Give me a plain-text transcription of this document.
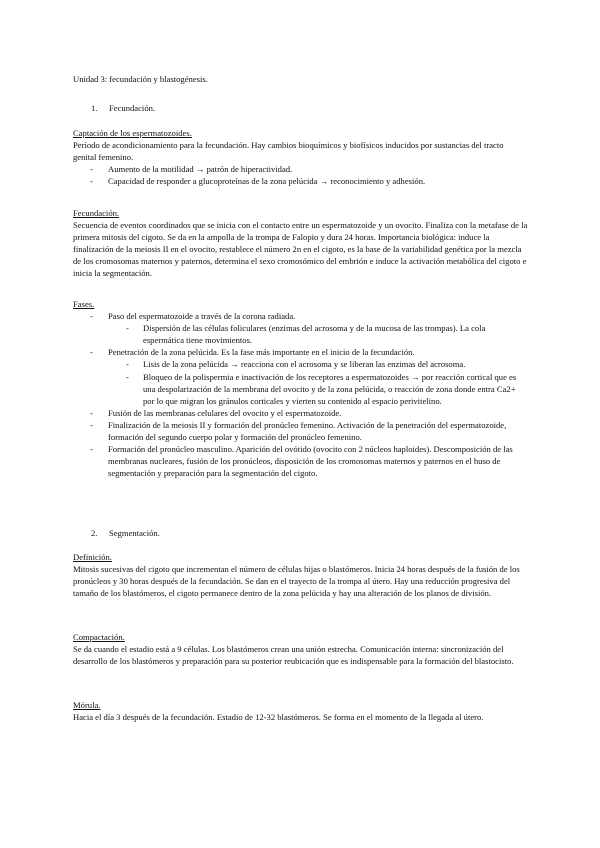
Unidad 3: fecundación y blastogénesis.
1. Fecundación.
Captación de los espermatozoides.
Período de acondicionamiento para la fecundación. Hay cambios bioquímicos y biofísicos inducidos por sustancias del tracto genital femenino.
- Aumento de la motilidad → patrón de hiperactividad.
- Capacidad de responder a glucoproteínas de la zona pelúcida → reconocimiento y adhesión.
Fecundación.
Secuencia de eventos coordinados que se inicia con el contacto entre un espermatozoide y un ovocito. Finaliza con la metafase de la primera mitosis del cigoto. Se da en la ampolla de la trompa de Falopio y dura 24 horas. Importancia biológica: induce la finalización de la meiosis II en el ovocito, restablece el número 2n en el cigoto, es la base de la variabilidad genética por la mezcla de los cromosomas maternos y paternos, determina el sexo cromosómico del embrión e induce la activación metabólica del cigoto e inicia la segmentación.
Fases.
- Paso del espermatozoide a través de la corona radiada.
- Dispersión de las células foliculares (enzimas del acrosoma y de la mucosa de las trompas). La cola espermática tiene movimientos.
- Penetración de la zona pelúcida. Es la fase más importante en el inicio de la fecundación.
- Lisis de la zona pelúcida → reacciona con el acrosoma y se liberan las enzimas del acrosoma.
- Bloqueo de la polispermia e inactivación de los receptores a espermatozoides → por reacción cortical que es una despolarización de la membrana del ovocito y de la zona pelúcida, o reacción de zona donde entra Ca2+ por lo que migran los gránulos corticales y vierten su contenido al espacio perivitelino.
- Fusión de las membranas celulares del ovocito y el espermatozoide.
- Finalización de la meiosis II y formación del pronúcleo femenino. Activación de la penetración del espermatozoide, formación del segundo cuerpo polar y formación del pronúcleo femenino.
- Formación del pronúcleo masculino. Aparición del ovótido (ovocito con 2 núcleos haploides). Descomposición de las membranas nucleares, fusión de los pronúcleos, disposición de los cromosomas maternos y paternos en el huso de segmentación y preparación para la segmentación del cigoto.
2. Segmentación.
Definición.
Mitosis sucesivas del cigoto que incrementan el número de células hijas o blastómeros. Inicia 24 horas después de la fusión de los pronúcleos y 30 horas después de la fecundación. Se dan en el trayecto de la trompa al útero. Hay una reducción progresiva del tamaño de los blastómeros, el cigoto permanece dentro de la zona pelúcida y hay una alteración de los planos de división.
Compactación.
Se da cuando el estadio está a 9 células. Los blastómeros crean una unión estrecha. Comunicación interna: sincronización del desarrollo de los blastómeros y preparación para su posterior reubicación que es indispensable para la formación del blastocisto.
Mórula.
Hacia el día 3 después de la fecundación. Estadio de 12-32 blastómeros. Se forma en el momento de la llegada al útero.
